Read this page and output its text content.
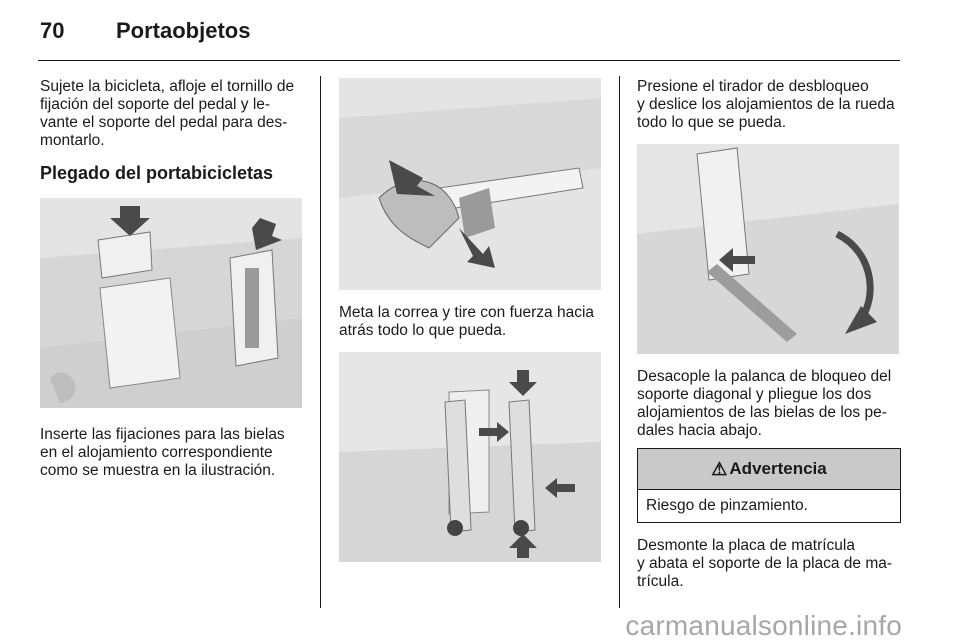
70 Portaobjetos

Sujete la bicicleta, afloje el tornillo de
fijación del soporte del pedal y le-
vante el soporte del pedal para des-
montarlo.

Plegado del portabicicletas

Inserte las fijaciones para las bielas
en el alojamiento correspondiente
como se muestra en la ilustración.

Meta la correa y tire con fuerza hacia
atrás todo lo que pueda.

Presione el tirador de desbloqueo
y deslice los alojamientos de la rueda
todo lo que se pueda.

Desacople la palanca de bloqueo del
soporte diagonal y pliegue los dos
alojamientos de las bielas de los pe-
dales hacia abajo.

⚠ Advertencia
Riesgo de pinzamiento.

Desmonte la placa de matrícula
y abata el soporte de la placa de ma-
trícula.

carmanualsonline.info
